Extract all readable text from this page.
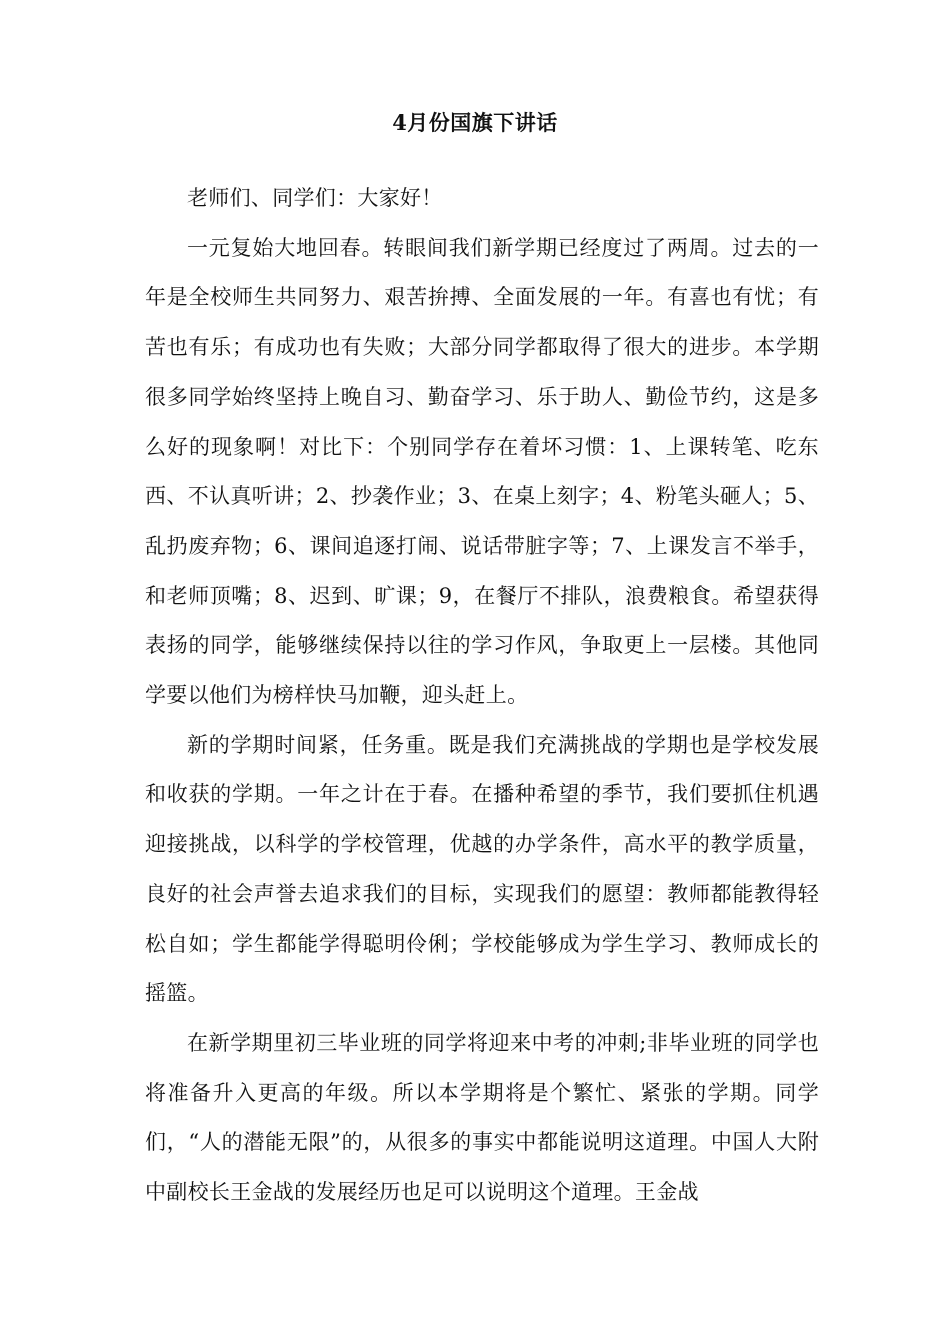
4月份国旗下讲话

老师们、同学们：大家好！

一元复始大地回春。转眼间我们新学期已经度过了两周。过去的一年是全校师生共同努力、艰苦拚搏、全面发展的一年。有喜也有忧；有苦也有乐；有成功也有失败；大部分同学都取得了很大的进步。本学期很多同学始终坚持上晚自习、勤奋学习、乐于助人、勤俭节约，这是多么好的现象啊！对比下：个别同学存在着坏习惯：1、上课转笔、吃东西、不认真听讲；2、抄袭作业；3、在桌上刻字；4、粉笔头砸人；5、乱扔废弃物；6、课间追逐打闹、说话带脏字等；7、上课发言不举手，和老师顶嘴；8、迟到、旷课；9，在餐厅不排队，浪费粮食。希望获得表扬的同学，能够继续保持以往的学习作风，争取更上一层楼。其他同学要以他们为榜样快马加鞭，迎头赶上。

新的学期时间紧，任务重。既是我们充满挑战的学期也是学校发展和收获的学期。一年之计在于春。在播种希望的季节，我们要抓住机遇迎接挑战，以科学的学校管理，优越的办学条件，高水平的教学质量，良好的社会声誉去追求我们的目标，实现我们的愿望：教师都能教得轻松自如；学生都能学得聪明伶俐；学校能够成为学生学习、教师成长的摇篮。

在新学期里初三毕业班的同学将迎来中考的冲刺;非毕业班的同学也将准备升入更高的年级。所以本学期将是个繁忙、紧张的学期。同学们，“人的潜能无限”的，从很多的事实中都能说明这道理。中国人大附中副校长王金战的发展经历也足可以说明这个道理。王金战
